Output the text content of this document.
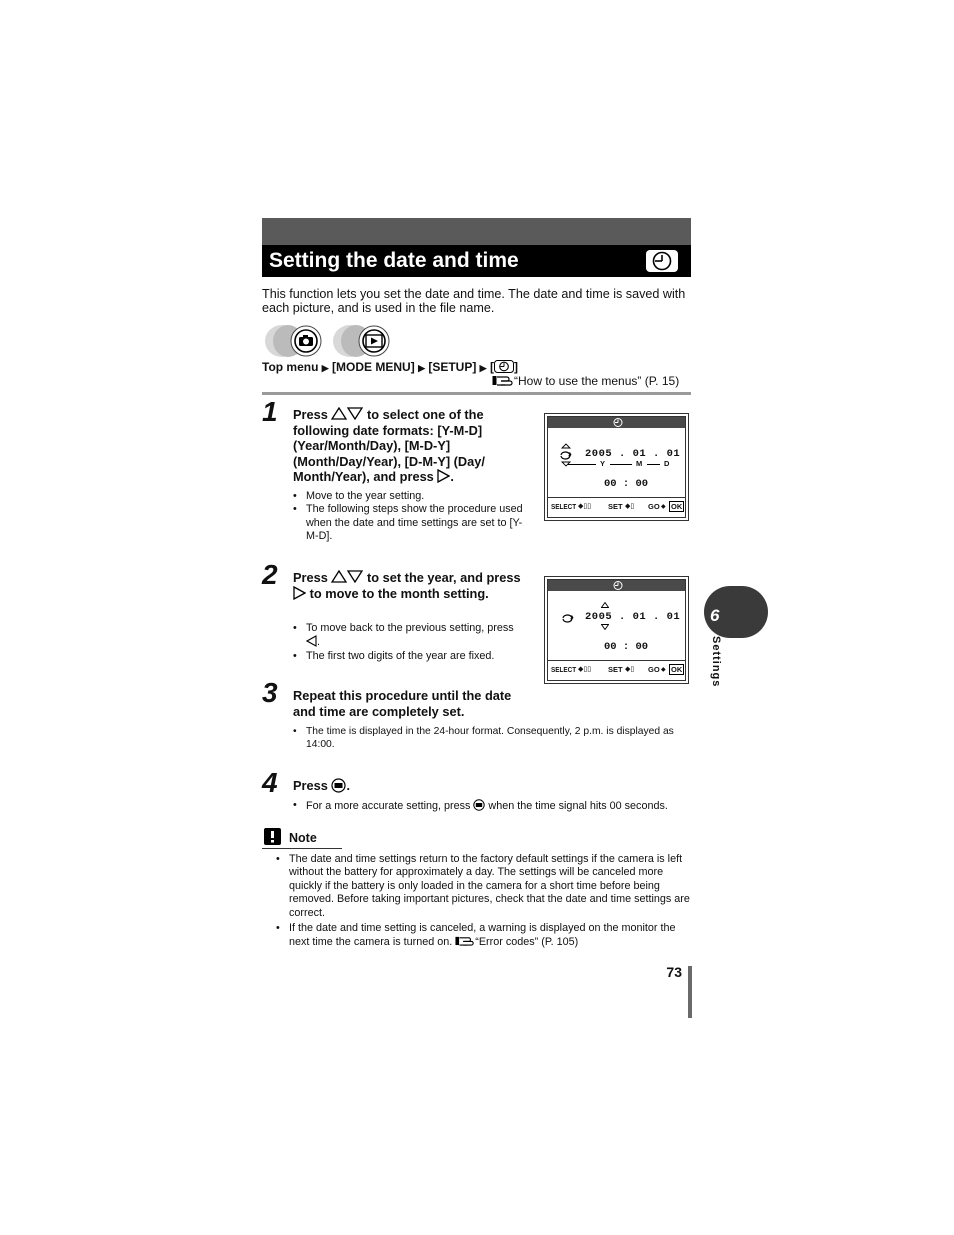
Setting the date and time
This function lets you set the date and time. The date and time is saved with each picture, and is used in the file name.
Top menu ▶ [MODE MENU] ▶ [SETUP] ▶ [ ]
“How to use the menus” (P. 15)
1 Press	to select one of the following date formats: [Y-M-D] (Year/Month/Day), [M-D-Y] (Month/Day/Year), [D-M-Y] (Day/ Month/Year), and press .
• Move to the year setting.
• The following steps show the procedure used when the date and time settings are set to [Y-M-D].
2005 . 01 . 01
Y	M	D
00 : 00
SELECT ◆▯▯ SET ◆▯ GO ◆ OK
2 Press	to set the year, and press  to move to the month setting.
• To move back to the previous setting, press .
• The first two digits of the year are fixed.
2005 . 01 . 01
00 : 00
SELECT ◆▯▯ SET ◆▯ GO ◆ OK
3 Repeat this procedure until the date and time are completely set.
• The time is displayed in the 24-hour format. Consequently, 2 p.m. is displayed as 14:00.
4 Press .
• For a more accurate setting, press when the time signal hits 00 seconds.
Note
• The date and time settings return to the factory default settings if the camera is left without the battery for approximately a day. The settings will be canceled more quickly if the battery is only loaded in the camera for a short time before being removed. Before taking important pictures, check that the date and time settings are correct.
• If the date and time setting is canceled, a warning is displayed on the monitor the next time the camera is turned on. “Error codes” (P. 105)
6
Settings
73
